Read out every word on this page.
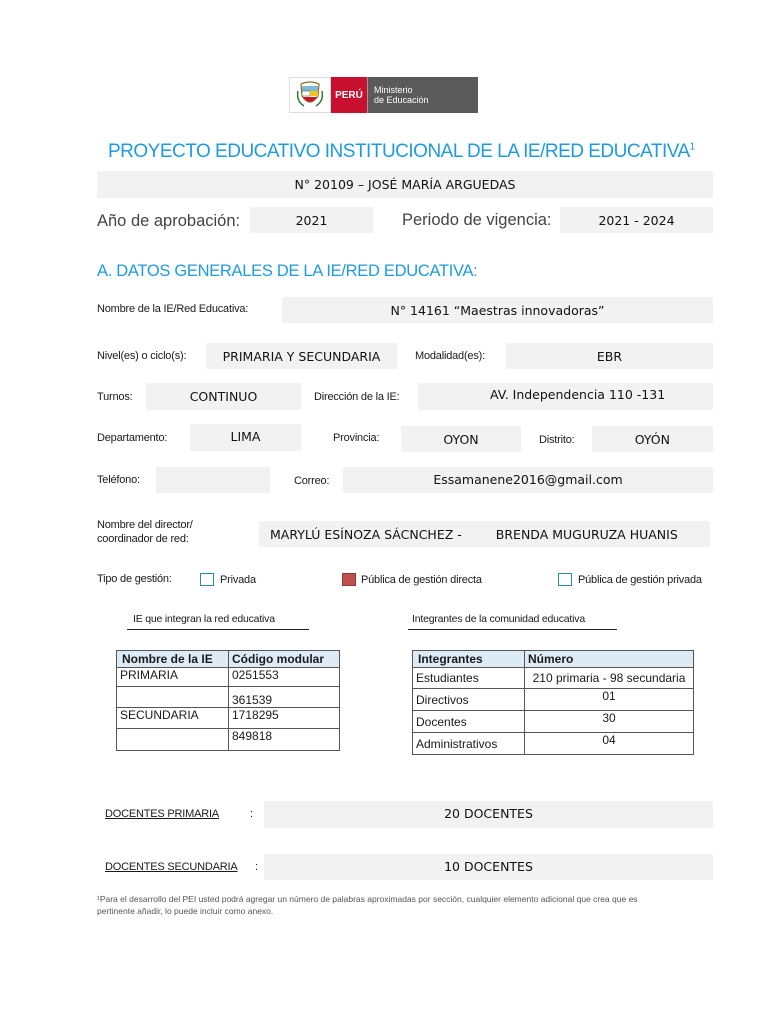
PERÚ	Ministerio
de Educación
PROYECTO EDUCATIVO INSTITUCIONAL DE LA IE/RED EDUCATIVA$^1$
N° 20109 – JOSÉ MARÍA ARGUEDAS
Año de aprobación:	2021	Periodo de vigencia:	2021 - 2024
A. DATOS GENERALES DE LA IE/RED EDUCATIVA:
Nombre de la IE/Red Educativa:	N° 14161 “Maestras innovadoras”
Nivel(es) o ciclo(s):	PRIMARIA Y SECUNDARIA	Modalidad(es):	EBR
Turnos:	CONTINUO	Dirección de la IE:	AV. Independencia 110 -131
Departamento:	LIMA	Provincia:	OYON	Distrito:	OYÓN
Teléfono:	Correo:	Essamanene2016@gmail.com
Nombre del director/
coordinador de red:	MARYLÚ ESÍNOZA SÁCNCHEZ -	BRENDA MUGURUZA HUANIS
Tipo de gestión:	Privada	Pública de gestión directa	Pública de gestión privada
IE que integran la red educativa	Integrantes de la comunidad educativa
Nombre de la IE	Código modular
PRIMARIA	0251553
	361539
SECUNDARIA	1718295
	849818
Integrantes	Número
Estudiantes	210 primaria - 98 secundaria
Directivos	01
Docentes	30
Administrativos	04
DOCENTES PRIMARIA	:	20 DOCENTES
DOCENTES SECUNDARIA	:	10 DOCENTES
¹Para el desarrollo del PEI usted podrá agregar un número de palabras aproximadas por sección, cualquier elemento adicional que crea que es pertinente añadir, lo puede incluir como anexo.
